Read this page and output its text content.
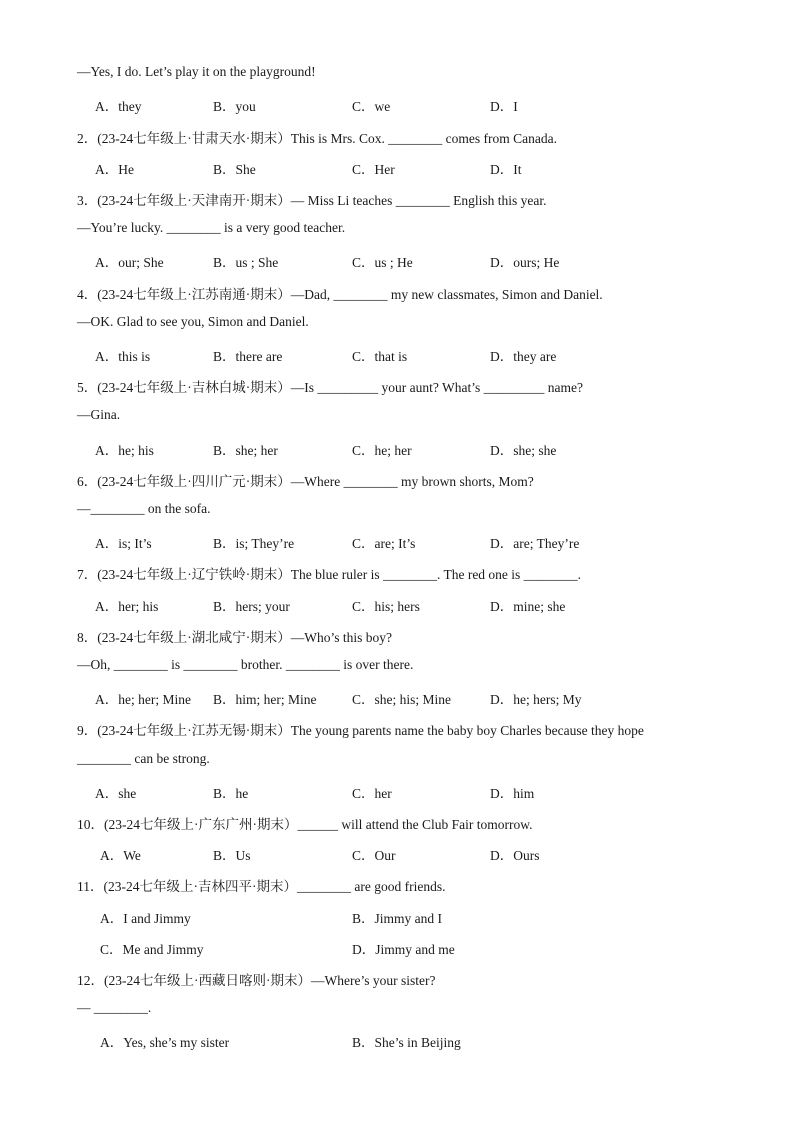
—Yes, I do. Let’s play it on the playground!
A．they	B．you	C．we	D．I
2．(23-24七年级上·甘肃天水·期末）This is Mrs. Cox. ________ comes from Canada.
A．He	B．She	C．Her	D．It
3．(23-24七年级上·天津南开·期末）— Miss Li teaches ________ English this year.
—You’re lucky. ________ is a very good teacher.
A．our; She	B．us ; She	C．us ; He	D．ours; He
4．(23-24七年级上·江苏南通·期末）—Dad, ________ my new classmates, Simon and Daniel.
—OK. Glad to see you, Simon and Daniel.
A．this is	B．there are	C．that is	D．they are
5．(23-24七年级上·吉林白城·期末）—Is _________ your aunt? What’s _________ name?
—Gina.
A．he; his	B．she; her	C．he; her	D．she; she
6．(23-24七年级上·四川广元·期末）—Where ________ my brown shorts, Mom?
—________ on the sofa.
A．is; It’s	B．is; They’re	C．are; It’s	D．are; They’re
7．(23-24七年级上·辽宁铁岭·期末）The blue ruler is ________. The red one is ________.
A．her; his	B．hers; your	C．his; hers	D．mine; she
8．(23-24七年级上·湖北咸宁·期末）—Who’s this boy?
—Oh, ________ is ________ brother. ________ is over there.
A．he; her; Mine B．him; her; Mine	C．she; his; Mine	D．he; hers; My
9．(23-24七年级上·江苏无锡·期末）The young parents name the baby boy Charles because they hope
________ can be strong.
A．she	B．he	C．her	D．him
10．(23-24七年级上·广东广州·期末）______ will attend the Club Fair tomorrow.
A．We	B．Us	C．Our	D．Ours
11．(23-24七年级上·吉林四平·期末）________ are good friends.
A．I and Jimmy	B．Jimmy and I
C．Me and Jimmy	D．Jimmy and me
12．(23-24七年级上·西藏日喀则·期末）—Where’s your sister?
— ________.
A．Yes, she’s my sister	B．She’s in Beijing
